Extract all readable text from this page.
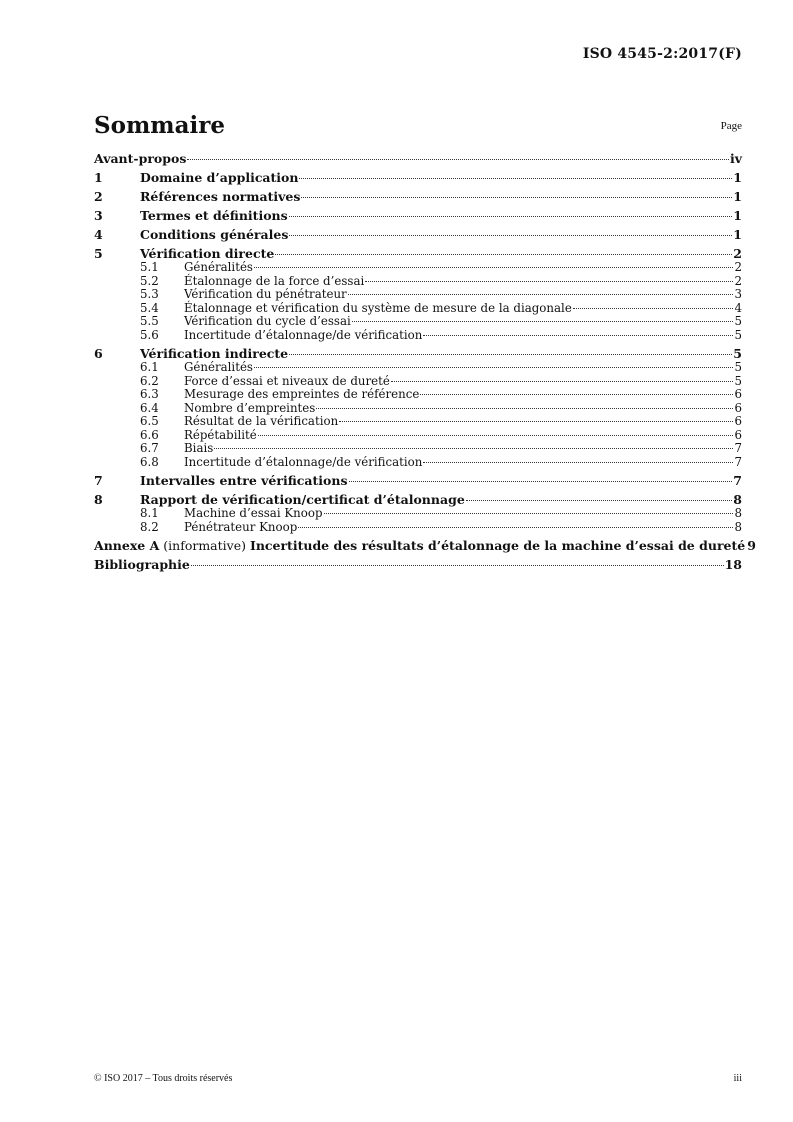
ISO 4545-2:2017(F)
Sommaire	Page
Avant-propos	iv
1	Domaine d’application	1
2	Références normatives	1
3	Termes et définitions	1
4	Conditions générales	1
5	Vérification directe	2
5.1 Généralités	2
5.2 Étalonnage de la force d’essai	2
5.3 Vérification du pénétrateur	3
5.4 Étalonnage et vérification du système de mesure de la diagonale	4
5.5 Vérification du cycle d’essai	5
5.6 Incertitude d’étalonnage/de vérification	5
6	Vérification indirecte	5
6.1 Généralités	5
6.2 Force d’essai et niveaux de dureté	5
6.3 Mesurage des empreintes de référence	6
6.4 Nombre d’empreintes	6
6.5 Résultat de la vérification	6
6.6 Répétabilité	6
6.7 Biais	7
6.8 Incertitude d’étalonnage/de vérification	7
7	Intervalles entre vérifications	7
8	Rapport de vérification/certificat d’étalonnage	8
8.1 Machine d’essai Knoop	8
8.2 Pénétrateur Knoop	8
Annexe A (informative) Incertitude des résultats d’étalonnage de la machine d’essai de dureté 9
Bibliographie	18
© ISO 2017 – Tous droits réservés	iii
